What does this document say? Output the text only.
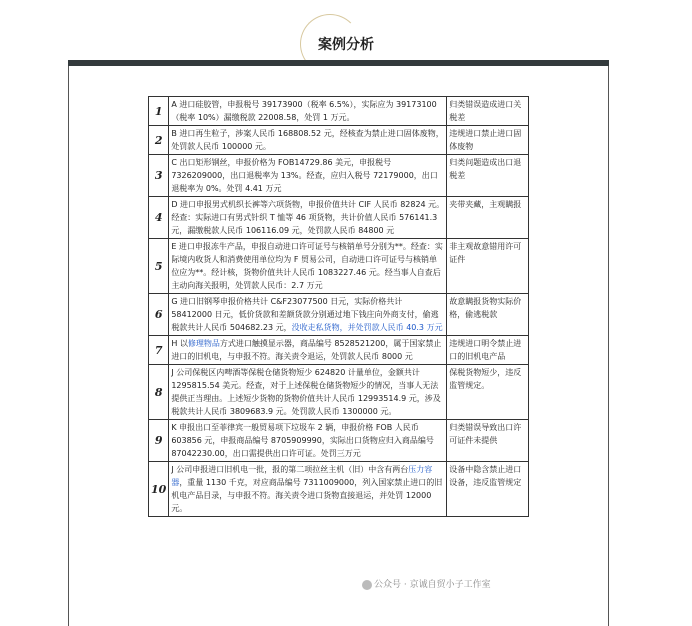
案例分析
1	A 进口硅胶管，申报税号 39173900（税率 6.5%），实际应为 39173100（税率 10%）漏缴税款 22008.58，处罚 1 万元。	归类错误造成进口关税差
2	B 进口再生粒子，涉案人民币 168808.52 元，经核查为禁止进口固体废物，处罚款人民币 100000 元。	违规进口禁止进口固体废物
3	C 出口矩形钢丝，申报价格为 FOB14729.86 美元，申报税号 7326209000，出口退税率为 13%。经查，应归入税号 72179000，出口退税率为 0%。处罚 4.41 万元	归类问题造成出口退税差
4	D 进口申报男式机织长裤等六项货物，申报价值共计 CIF 人民币 82824 元。经查：实际进口有男式针织 T 恤等 46 项货物，共计价值人民币 576141.3 元，漏缴税款人民币 106116.09 元，处罚款人民币 84800 元	夹带夹藏，主观瞒报
5	E 进口申报冻牛产品，申报自动进口许可证号与核销单号分别为**。经查：实际境内收货人和消费使用单位均为 F 贸易公司，自动进口许可证号与核销单位应为**。经计核，货物价值共计人民币 1083227.46 元。经当事人自查后主动向海关报明，处罚款人民币：2.7 万元	非主观故意错用许可证件
6	G 进口旧钢琴申报价格共计 C&F23077500 日元，实际价格共计 58412000 日元，低价货款和差额货款分别通过地下钱庄向外商支付，偷逃税款共计人民币 504682.23 元，没收走私货物，并处罚款人民币 40.3 万元	故意瞒报货物实际价格，偷逃税款
7	H 以修理物品方式进口触摸显示器，商品编号 8528521200，属于国家禁止进口的旧机电，与申报不符。海关责令退运，处罚款人民币 8000 元	违规进口明令禁止进口的旧机电产品
8	J 公司保税区内啤酒等保税仓储货物短少 624820 计量单位，金额共计 1295815.54 美元。经查，对于上述保税仓储货物短少的情况，当事人无法提供正当理由。上述短少货物的货物价值共计人民币 12993514.9 元，涉及税款共计人民币 3809683.9 元。处罚款人民币 1300000 元。	保税货物短少，违反监管规定。
9	K 申报出口至菲律宾一般贸易项下垃圾车 2 辆，申报价格 FOB 人民币 603856 元，申报商品编号 8705909990，实际出口货物应归入商品编号 87042230.00，出口需提供出口许可证。处罚三万元	归类错误导致出口许可证件未提供
10	J 公司申报进口旧机电一批，报的第二项拉丝主机（旧）中含有两台压力容器，重量 1130 千克，对应商品编号 7311009000，列入国家禁止进口的旧机电产品目录，与申报不符。海关责令进口货物直接退运，并处罚 12000 元。	设备中隐含禁止进口设备，违反监管规定
公众号 · 京诚自贸小子工作室
